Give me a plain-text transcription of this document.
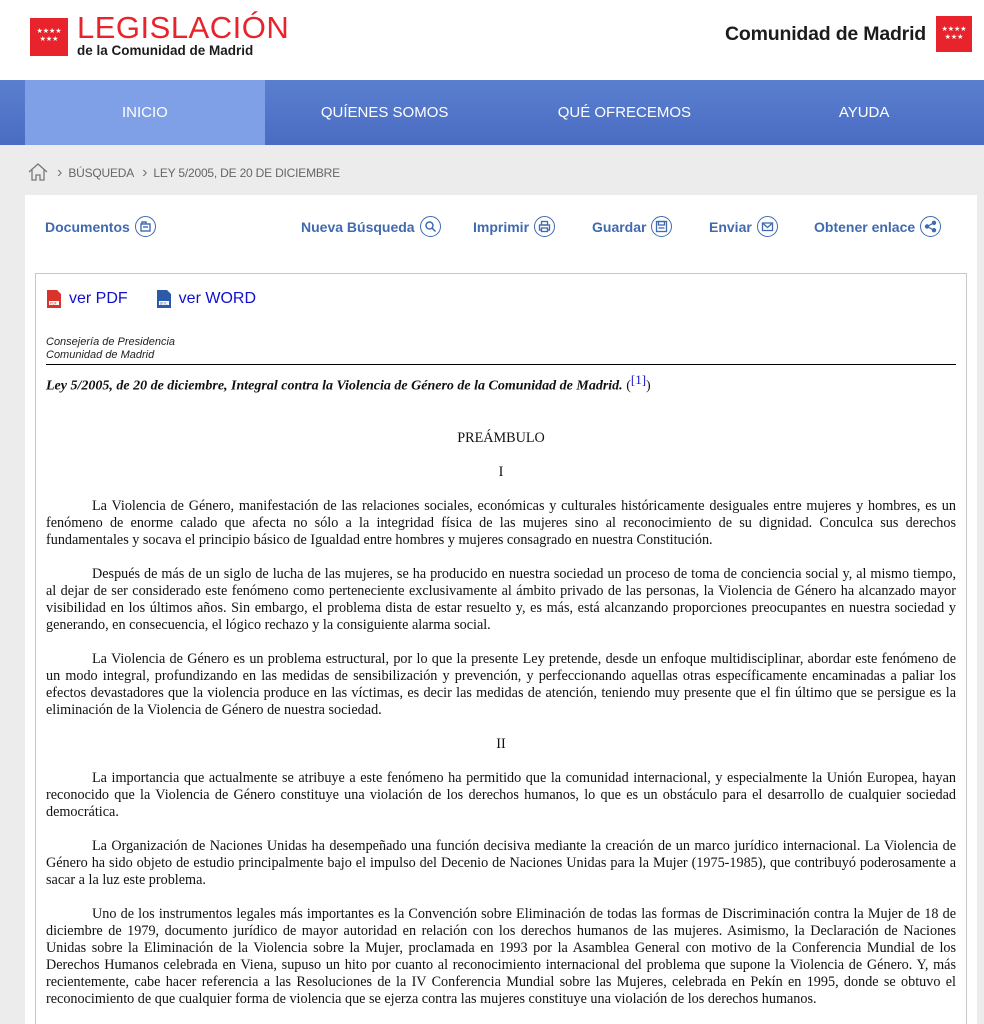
★★★★
★★★ LEGISLACIÓN
de la Comunidad de Madrid
Comunidad de Madrid	★★★★
★★★
INICIO	QUÍENES SOMOS	QUÉ OFRECEMOS	AYUDA
› BÚSQUEDA › LEY 5/2005, DE 20 DE DICIEMBRE
Documentos	Nueva Búsqueda	Imprimir	Guardar	Enviar	Obtener enlace
PDF ver PDF	DOC ver WORD
Consejería de Presidencia
Comunidad de Madrid
Ley 5/2005, de 20 de diciembre, Integral contra la Violencia de Género de la Comunidad de Madrid. ([1])
PREÁMBULO
I

La Violencia de Género, manifestación de las relaciones sociales, económicas y culturales históricamente desiguales entre mujeres y hombres, es un fenómeno de enorme calado que afecta no sólo a la integridad física de las mujeres sino al reconocimiento de su dignidad. Conculca sus derechos fundamentales y socava el principio básico de Igualdad entre hombres y mujeres consagrado en nuestra Constitución.

Después de más de un siglo de lucha de las mujeres, se ha producido en nuestra sociedad un proceso de toma de conciencia social y, al mismo tiempo, al dejar de ser considerado este fenómeno como perteneciente exclusivamente al ámbito privado de las personas, la Violencia de Género ha alcanzado mayor visibilidad en los últimos años. Sin embargo, el problema dista de estar resuelto y, es más, está alcanzando proporciones preocupantes en nuestra sociedad y generando, en consecuencia, el lógico rechazo y la consiguiente alarma social.

La Violencia de Género es un problema estructural, por lo que la presente Ley pretende, desde un enfoque multidisciplinar, abordar este fenómeno de un modo integral, profundizando en las medidas de sensibilización y prevención, y perfeccionando aquellas otras específicamente encaminadas a paliar los efectos devastadores que la violencia produce en las víctimas, es decir las medidas de atención, teniendo muy presente que el fin último que se persigue es la eliminación de la Violencia de Género de nuestra sociedad.

II

La importancia que actualmente se atribuye a este fenómeno ha permitido que la comunidad internacional, y especialmente la Unión Europea, hayan reconocido que la Violencia de Género constituye una violación de los derechos humanos, lo que es un obstáculo para el desarrollo de cualquier sociedad democrática.

La Organización de Naciones Unidas ha desempeñado una función decisiva mediante la creación de un marco jurídico internacional. La Violencia de Género ha sido objeto de estudio principalmente bajo el impulso del Decenio de Naciones Unidas para la Mujer (1975-1985), que contribuyó poderosamente a sacar a la luz este problema.

Uno de los instrumentos legales más importantes es la Convención sobre Eliminación de todas las formas de Discriminación contra la Mujer de 18 de diciembre de 1979, documento jurídico de mayor autoridad en relación con los derechos humanos de las mujeres. Asimismo, la Declaración de Naciones Unidas sobre la Eliminación de la Violencia sobre la Mujer, proclamada en 1993 por la Asamblea General con motivo de la Conferencia Mundial de los Derechos Humanos celebrada en Viena, supuso un hito por cuanto al reconocimiento internacional del problema que supone la Violencia de Género. Y, más recientemente, cabe hacer referencia a las Resoluciones de la IV Conferencia Mundial sobre las Mujeres, celebrada en Pekín en 1995, donde se obtuvo el reconocimiento de que cualquier forma de violencia que se ejerza contra las mujeres constituye una violación de los derechos humanos.
